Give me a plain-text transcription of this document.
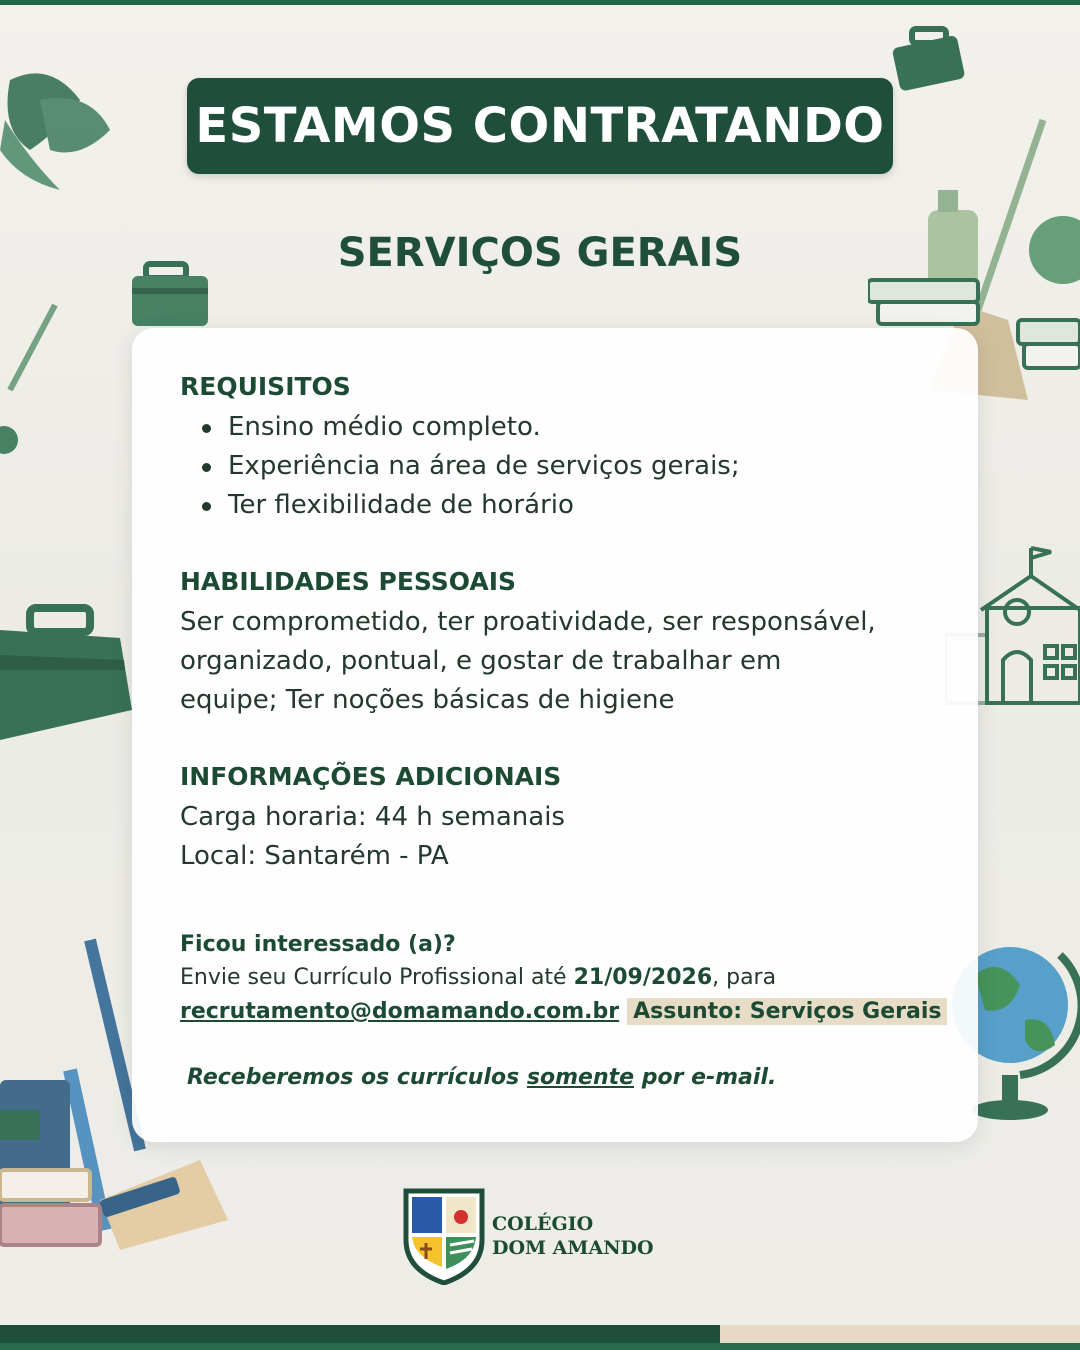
ESTAMOS CONTRATANDO
SERVIÇOS GERAIS
REQUISITOS
Ensino médio completo.
Experiência na área de serviços gerais;
Ter flexibilidade de horário
HABILIDADES PESSOAIS
Ser comprometido, ter proatividade, ser responsável,
organizado, pontual, e gostar de trabalhar em
equipe; Ter noções básicas de higiene
INFORMAÇÕES ADICIONAIS
Carga horaria: 44 h semanais
Local: Santarém - PA
Ficou interessado (a)?
Envie seu Currículo Profissional até 21/09/2026, para
recrutamento@domamando.com.br Assunto: Serviços Gerais
Receberemos os currículos somente por e-mail.
COLÉGIO
DOM AMANDO
